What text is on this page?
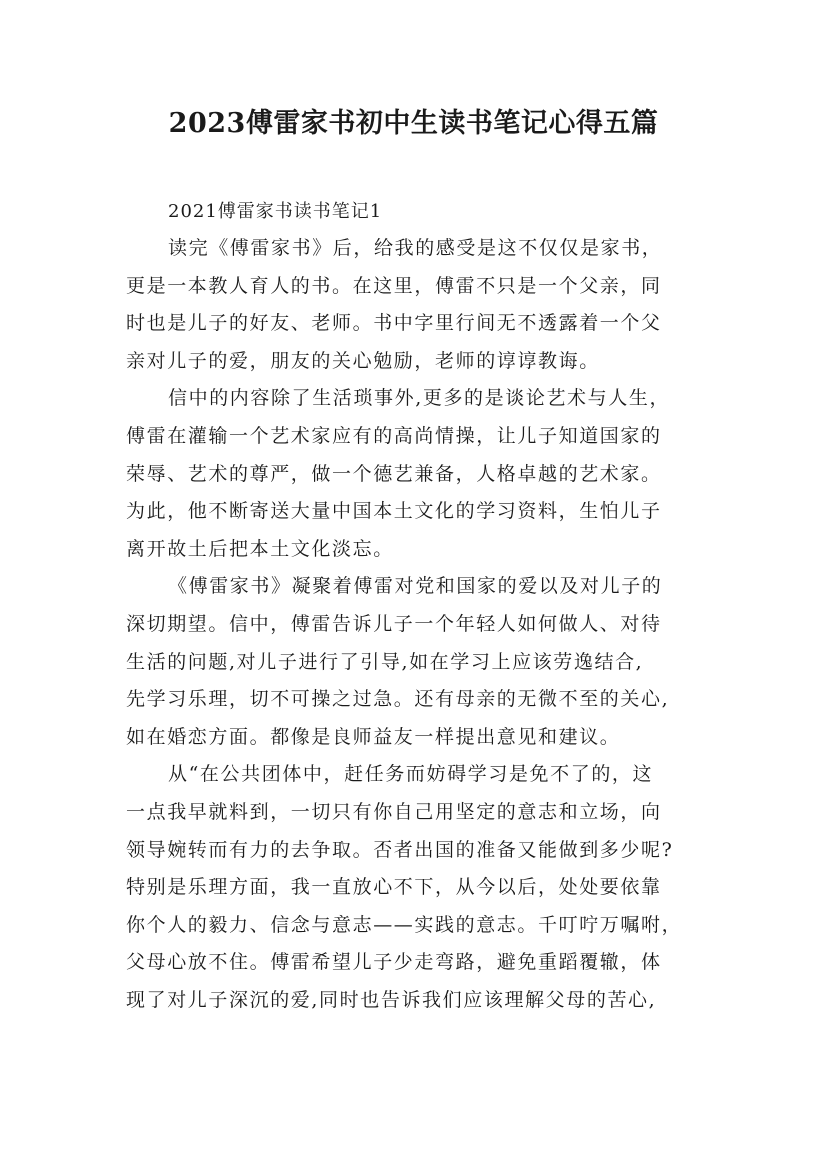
2023傅雷家书初中生读书笔记心得五篇

2021傅雷家书读书笔记1

读完《傅雷家书》后，给我的感受是这不仅仅是家书，
更是一本教人育人的书。在这里，傅雷不只是一个父亲，同
时也是儿子的好友、老师。书中字里行间无不透露着一个父
亲对儿子的爱，朋友的关心勉励，老师的谆谆教诲。

信中的内容除了生活琐事外,更多的是谈论艺术与人生，
傅雷在灌输一个艺术家应有的高尚情操，让儿子知道国家的
荣辱、艺术的尊严，做一个德艺兼备，人格卓越的艺术家。
为此，他不断寄送大量中国本土文化的学习资料，生怕儿子
离开故土后把本土文化淡忘。

《傅雷家书》凝聚着傅雷对党和国家的爱以及对儿子的
深切期望。信中，傅雷告诉儿子一个年轻人如何做人、对待
生活的问题,对儿子进行了引导,如在学习上应该劳逸结合,
先学习乐理，切不可操之过急。还有母亲的无微不至的关心,
如在婚恋方面。都像是良师益友一样提出意见和建议。

从“在公共团体中，赶任务而妨碍学习是免不了的，这
一点我早就料到，一切只有你自己用坚定的意志和立场，向
领导婉转而有力的去争取。否者出国的准备又能做到多少呢?
特别是乐理方面，我一直放心不下，从今以后，处处要依靠
你个人的毅力、信念与意志——实践的意志。千叮咛万嘱咐，
父母心放不住。傅雷希望儿子少走弯路，避免重蹈覆辙，体
现了对儿子深沉的爱,同时也告诉我们应该理解父母的苦心,
